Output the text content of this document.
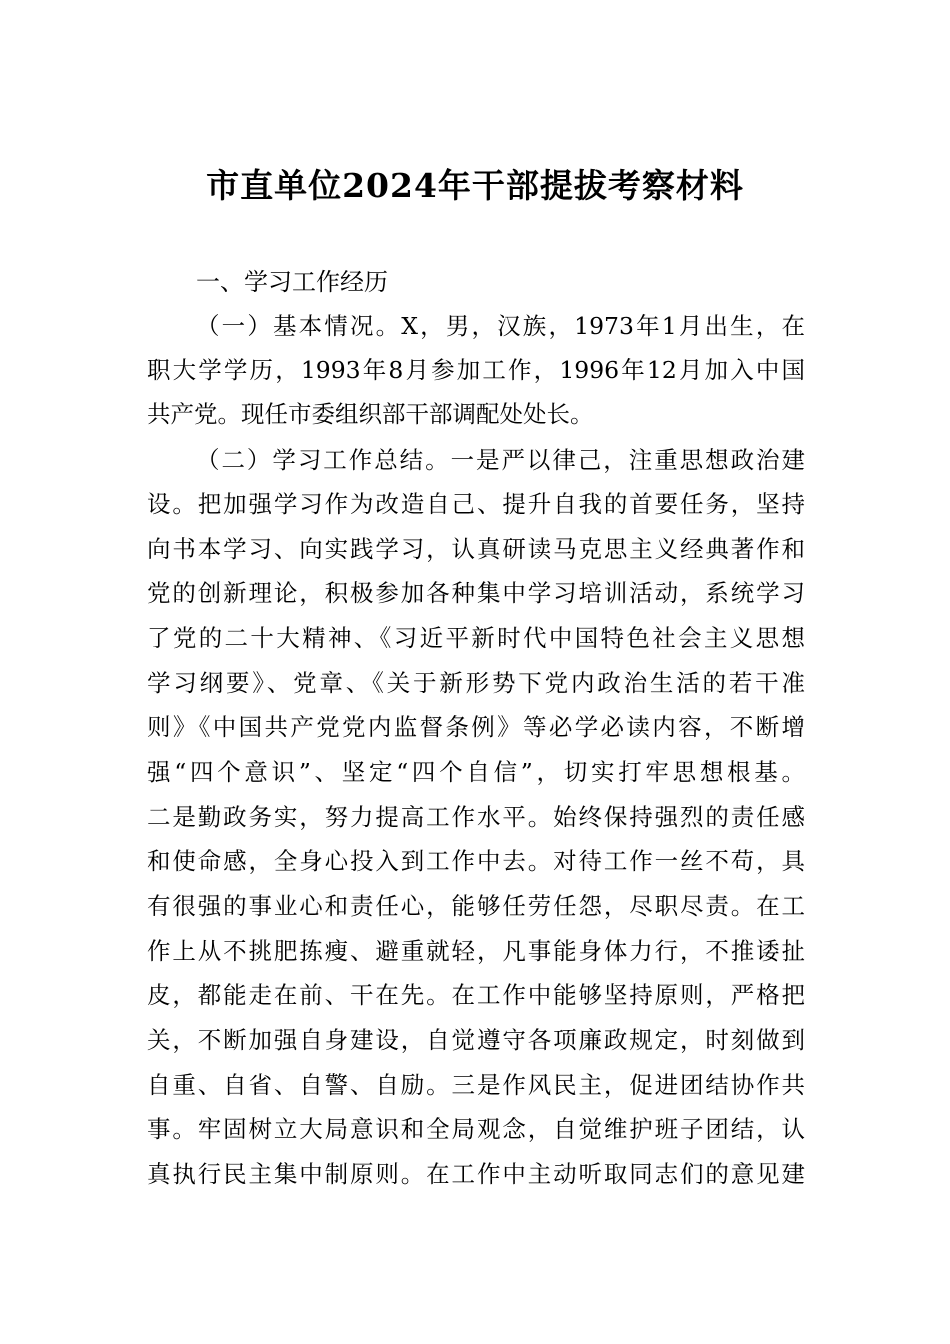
市直单位2024年干部提拔考察材料
一、学习工作经历
（一）基本情况。X，男，汉族，1973年1月出生，在
职大学学历，1993年8月参加工作，1996年12月加入中国
共产党。现任市委组织部干部调配处处长。
（二）学习工作总结。一是严以律己，注重思想政治建
设。把加强学习作为改造自己、提升自我的首要任务，坚持
向书本学习、向实践学习，认真研读马克思主义经典著作和
党的创新理论，积极参加各种集中学习培训活动，系统学习
了党的二十大精神、《习近平新时代中国特色社会主义思想
学习纲要》、党章、《关于新形势下党内政治生活的若干准
则》《中国共产党党内监督条例》等必学必读内容，不断增
强“四个意识”、坚定“四个自信”，切实打牢思想根基。
二是勤政务实，努力提高工作水平。始终保持强烈的责任感
和使命感，全身心投入到工作中去。对待工作一丝不苟，具
有很强的事业心和责任心，能够任劳任怨，尽职尽责。在工
作上从不挑肥拣瘦、避重就轻，凡事能身体力行，不推诿扯
皮，都能走在前、干在先。在工作中能够坚持原则，严格把
关，不断加强自身建设，自觉遵守各项廉政规定，时刻做到
自重、自省、自警、自励。三是作风民主，促进团结协作共
事。牢固树立大局意识和全局观念，自觉维护班子团结，认
真执行民主集中制原则。在工作中主动听取同志们的意见建
